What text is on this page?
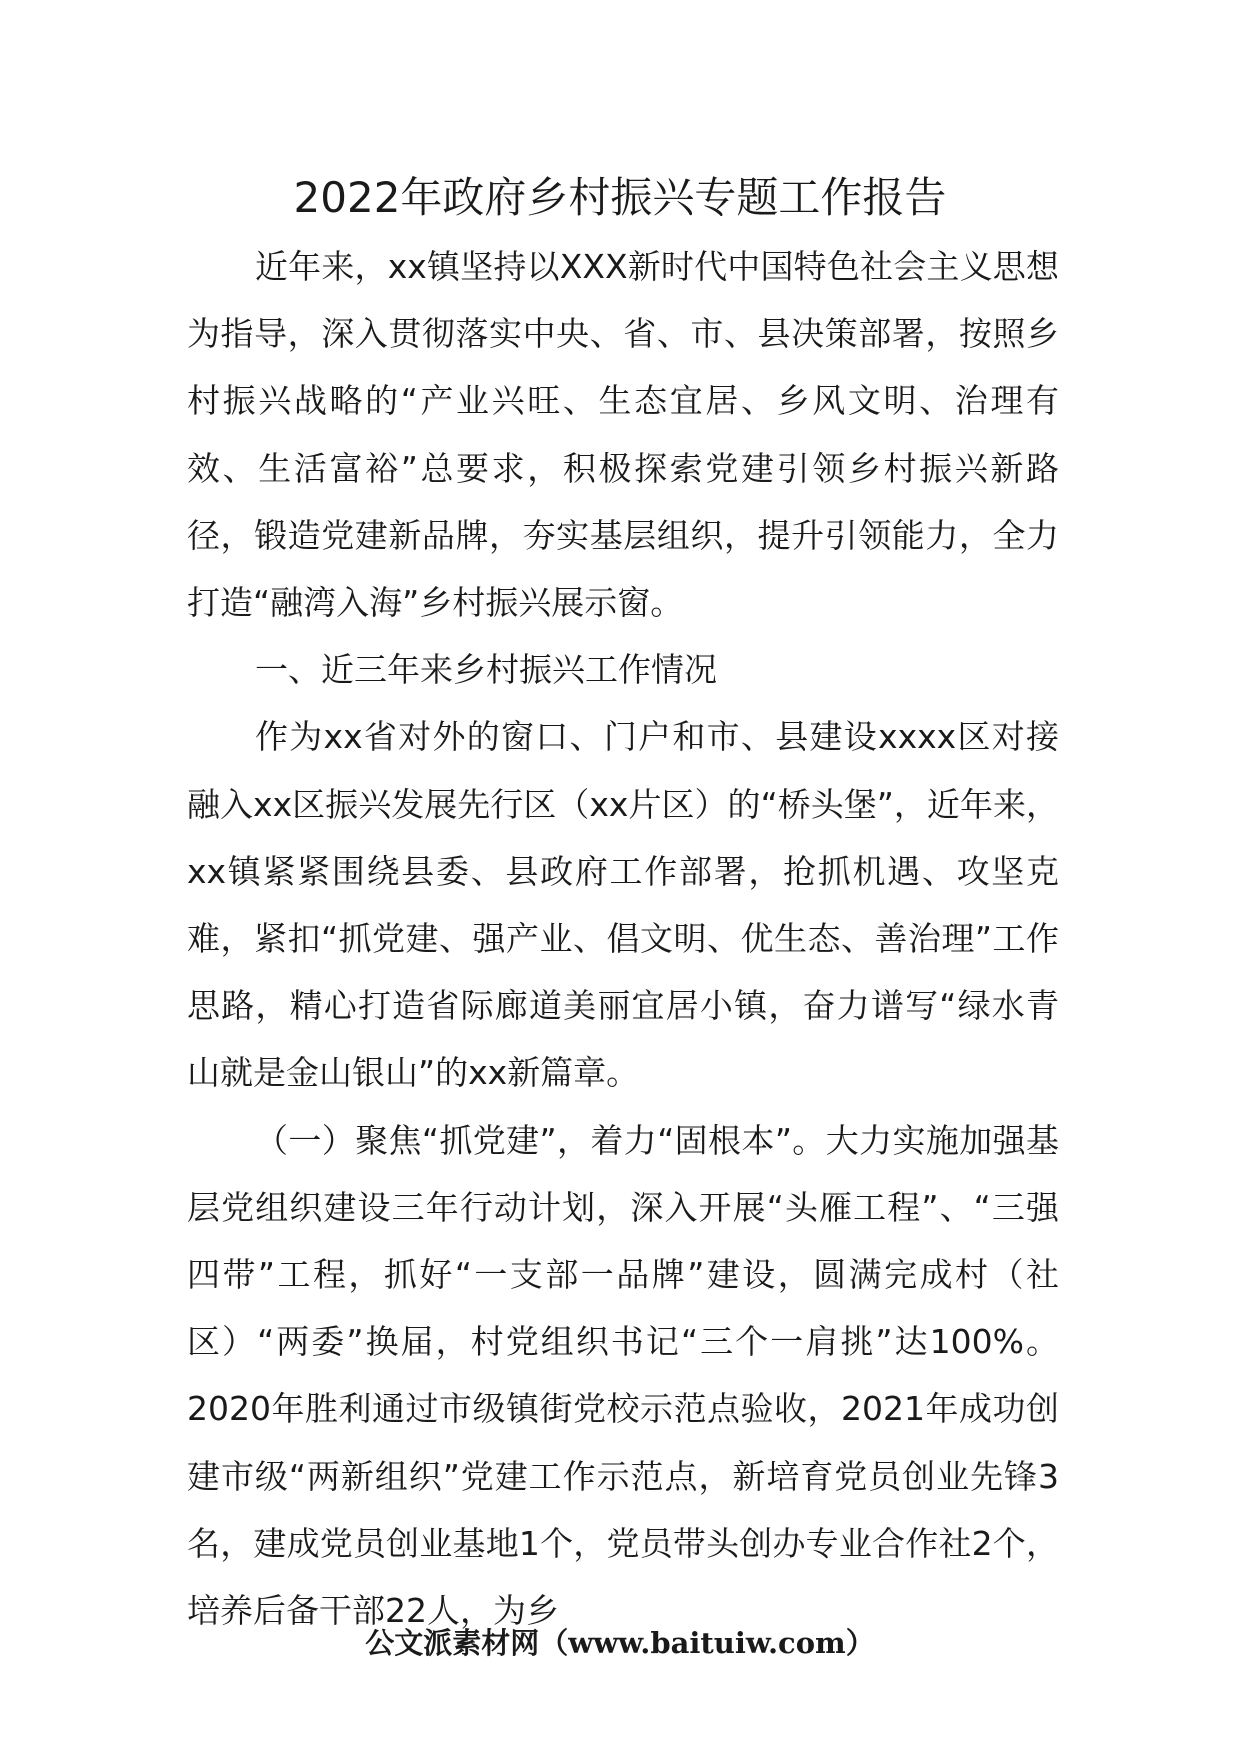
2022年政府乡村振兴专题工作报告

近年来，xx镇坚持以XXX新时代中国特色社会主义思想为指导，深入贯彻落实中央、省、市、县决策部署，按照乡村振兴战略的“产业兴旺、生态宜居、乡风文明、治理有效、生活富裕”总要求，积极探索党建引领乡村振兴新路径，锻造党建新品牌，夯实基层组织，提升引领能力，全力打造“融湾入海”乡村振兴展示窗。

一、近三年来乡村振兴工作情况

作为xx省对外的窗口、门户和市、县建设xxxx区对接融入xx区振兴发展先行区（xx片区）的“桥头堡”，近年来，xx镇紧紧围绕县委、县政府工作部署，抢抓机遇、攻坚克难，紧扣“抓党建、强产业、倡文明、优生态、善治理”工作思路，精心打造省际廊道美丽宜居小镇，奋力谱写“绿水青山就是金山银山”的xx新篇章。

（一）聚焦“抓党建”，着力“固根本”。大力实施加强基层党组织建设三年行动计划，深入开展“头雁工程”、“三强四带”工程，抓好“一支部一品牌”建设，圆满完成村（社区）“两委”换届，村党组织书记“三个一肩挑”达100%。2020年胜利通过市级镇街党校示范点验收，2021年成功创建市级“两新组织”党建工作示范点，新培育党员创业先锋3名，建成党员创业基地1个，党员带头创办专业合作社2个，培养后备干部22人，为乡

公文派素材网（www.baituiw.com）
